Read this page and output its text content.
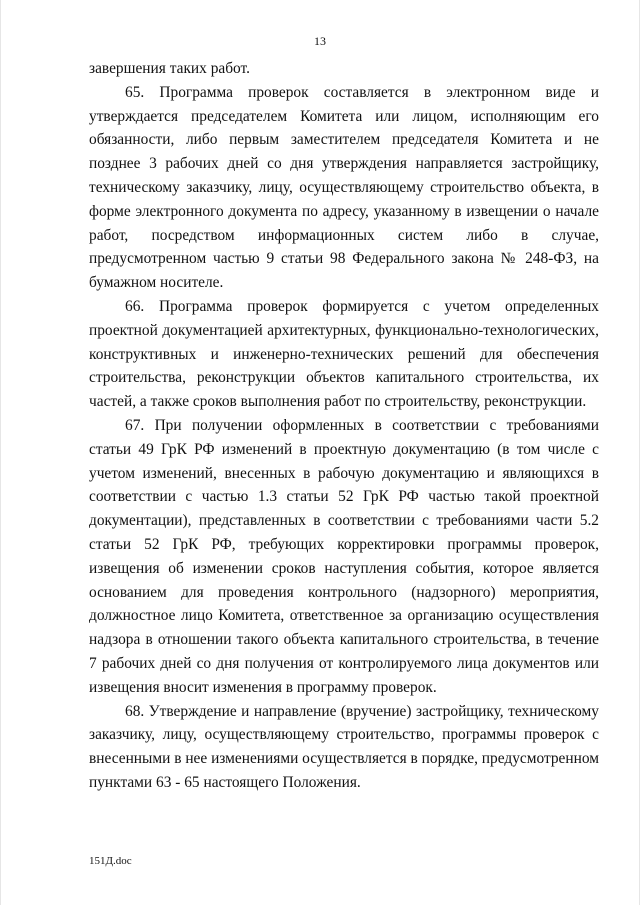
13

завершения таких работ.

65. Программа проверок составляется в электронном виде и утверждается председателем Комитета или лицом, исполняющим его обязанности, либо первым заместителем председателя Комитета и не позднее 3 рабочих дней со дня утверждения направляется застройщику, техническому заказчику, лицу, осуществляющему строительство объекта, в форме электронного документа по адресу, указанному в извещении о начале работ, посредством информационных систем либо в случае, предусмотренном частью 9 статьи 98 Федерального закона № 248-ФЗ, на бумажном носителе.

66. Программа проверок формируется с учетом определенных проектной документацией архитектурных, функционально-технологических, конструктивных и инженерно-технических решений для обеспечения строительства, реконструкции объектов капитального строительства, их частей, а также сроков выполнения работ по строительству, реконструкции.

67. При получении оформленных в соответствии с требованиями статьи 49 ГрК РФ изменений в проектную документацию (в том числе с учетом изменений, внесенных в рабочую документацию и являющихся в соответствии с частью 1.3 статьи 52 ГрК РФ частью такой проектной документации), представленных в соответствии с требованиями части 5.2 статьи 52 ГрК РФ, требующих корректировки программы проверок, извещения об изменении сроков наступления события, которое является основанием для проведения контрольного (надзорного) мероприятия, должностное лицо Комитета, ответственное за организацию осуществления надзора в отношении такого объекта капитального строительства, в течение 7 рабочих дней со дня получения от контролируемого лица документов или извещения вносит изменения в программу проверок.

68. Утверждение и направление (вручение) застройщику, техническому заказчику, лицу, осуществляющему строительство, программы проверок с внесенными в нее изменениями осуществляется в порядке, предусмотренном пунктами 63 - 65 настоящего Положения.

151Д.doc
